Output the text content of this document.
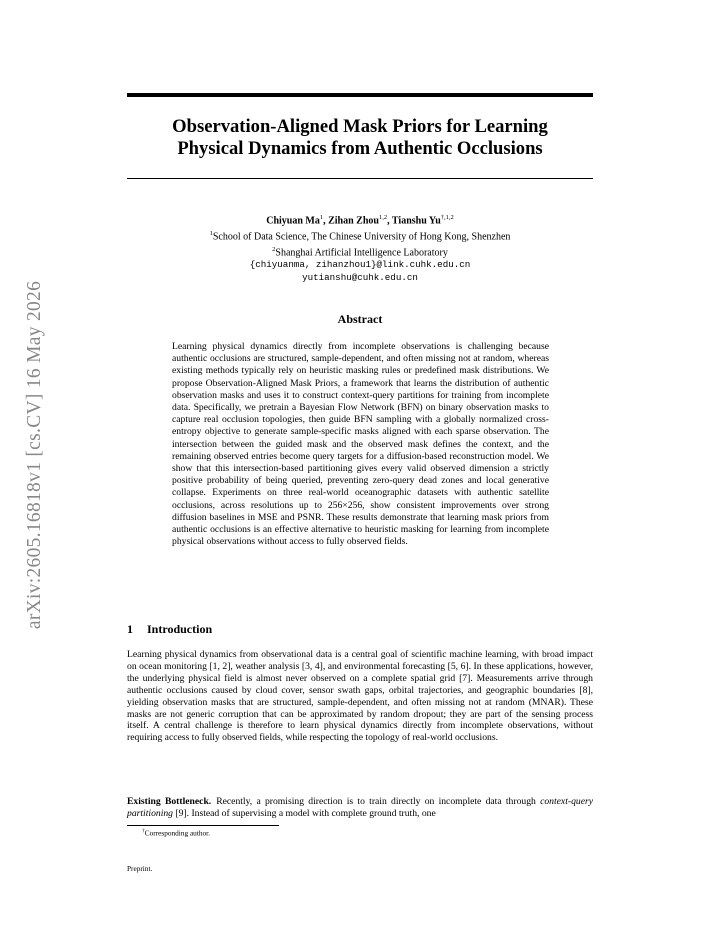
arXiv:2605.16818v1 [cs.CV] 16 May 2026
Observation-Aligned Mask Priors for Learning
Physical Dynamics from Authentic Occlusions
Chiyuan Ma$^1$, Zihan Zhou$^{1,2}$, Tianshu $Yu^{\dagger,1,2}$
$^1$School of Data Science, The Chinese University of Hong Kong, Shenzhen
$^2$Shanghai Artificial Intelligence Laboratory
{chiyuanma, zihanzhou1}@link.cuhk.edu.cn
yutianshu@cuhk.edu.cn
Abstract
Learning physical dynamics directly from incomplete observations is challenging because authentic occlusions are structured, sample-dependent, and often missing not at random, whereas existing methods typically rely on heuristic masking rules or predefined mask distributions. We propose Observation-Aligned Mask Priors, a framework that learns the distribution of authentic observation masks and uses it to construct context-query partitions for training from incomplete data. Specifically, we pretrain a Bayesian Flow Network (BFN) on binary observation masks to capture real occlusion topologies, then guide BFN sampling with a globally normalized cross-entropy objective to generate sample-specific masks aligned with each sparse observation. The intersection between the guided mask and the observed mask defines the context, and the remaining observed entries become query targets for a diffusion-based reconstruction model. We show that this intersection-based partitioning gives every valid observed dimension a strictly positive probability of being queried, preventing zero-query dead zones and local generative collapse. Experiments on three real-world oceanographic datasets with authentic satellite occlusions, across resolutions up to 256×256, show consistent improvements over strong diffusion baselines in MSE and PSNR. These results demonstrate that learning mask priors from authentic occlusions is an effective alternative to heuristic masking for learning from incomplete physical observations without access to fully observed fields.
1 Introduction
Learning physical dynamics from observational data is a central goal of scientific machine learning, with broad impact on ocean monitoring [1, 2], weather analysis [3, 4], and environmental forecasting [5, 6]. In these applications, however, the underlying physical field is almost never observed on a complete spatial grid [7]. Measurements arrive through authentic occlusions caused by cloud cover, sensor swath gaps, orbital trajectories, and geographic boundaries [8], yielding observation masks that are structured, sample-dependent, and often missing not at random (MNAR). These masks are not generic corruption that can be approximated by random dropout; they are part of the sensing process itself. A central challenge is therefore to learn physical dynamics directly from incomplete observations, without requiring access to fully observed fields, while respecting the topology of real-world occlusions.
Existing Bottleneck. Recently, a promising direction is to train directly on incomplete data through context-query partitioning [9]. Instead of supervising a model with complete ground truth, one
†Corresponding author.
Preprint.
